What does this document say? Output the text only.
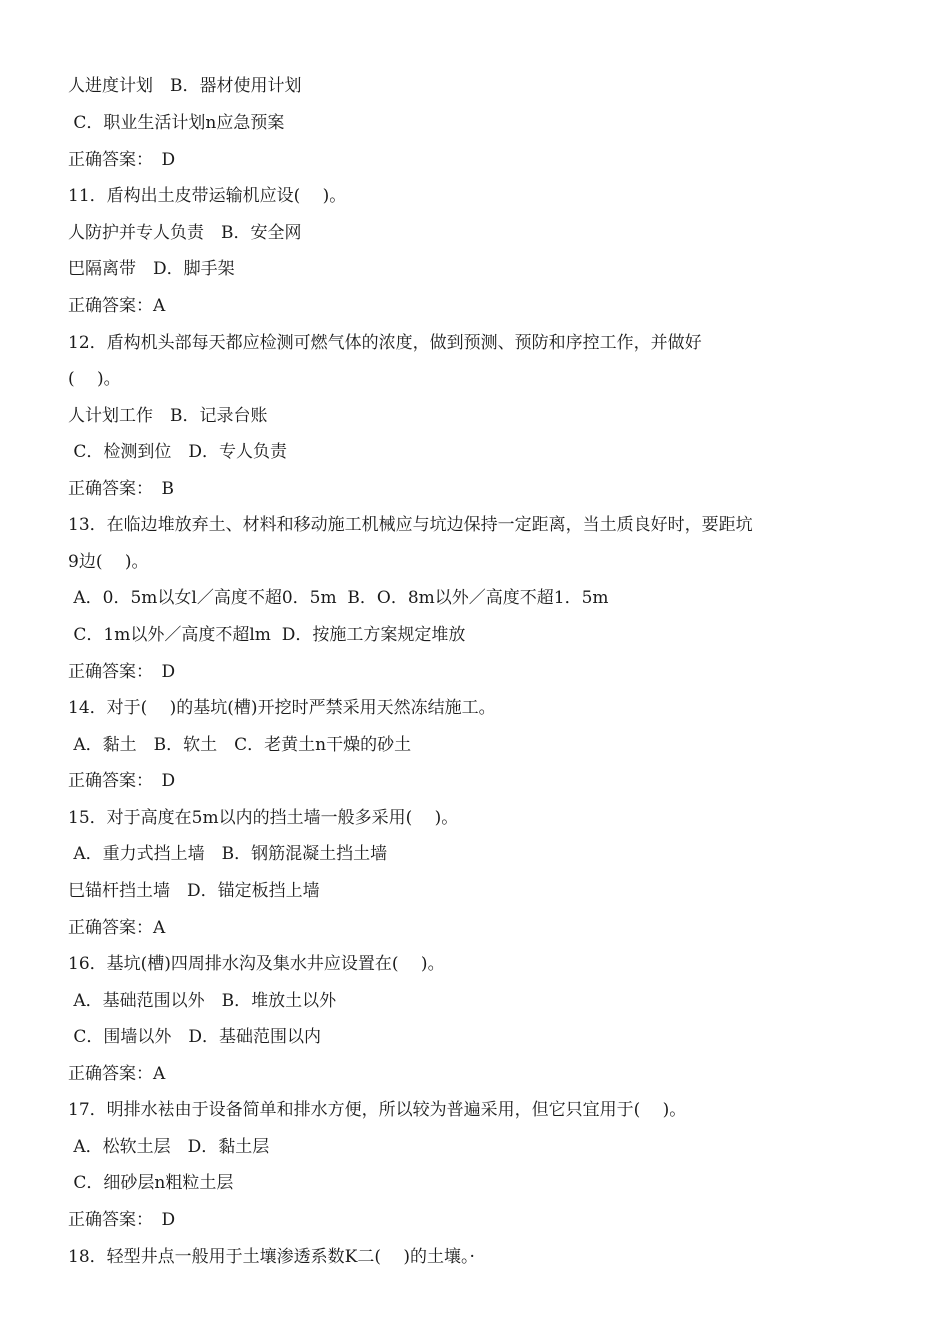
人进度计划　B．器材使用计划
C．职业生活计划n应急预案
正确答案：　D
11．盾构出土皮带运输机应设(　 )。
人防护并专人负责　B．安全网
巴隔离带　D．脚手架
正确答案：A
12．盾构机头部每天都应检测可燃气体的浓度，做到预测、预防和序控工作，并做好
(　 )。
人计划工作　B．记录台账
C．检测到位　D．专人负责
正确答案：　B
13．在临边堆放弃土、材料和移动施工机械应与坑边保持一定距离，当土质良好时，要距坑
9边(　 )。
A．0．5m以女l／高度不超0．5m  B．O．8m以外／高度不超1．5m
C．1m以外／高度不超lm  D．按施工方案规定堆放
正确答案：　D
14．对于(　 )的基坑(槽)开挖时严禁采用天然冻结施工。
A．黏土　B．软土　C．老黄土n干燥的砂土
正确答案：　D
15．对于高度在5m以内的挡土墙一般多采用(　 )。
A．重力式挡上墙　B．钢筋混凝土挡土墙
巳锚杆挡土墙　D．锚定板挡上墙
正确答案：A
16．基坑(槽)四周排水沟及集水井应设置在(　 )。
A．基础范围以外　B．堆放土以外
C．围墙以外　D．基础范围以内
正确答案：A
17．明排水袪由于设备简单和排水方便，所以较为普遍采用，但它只宜用于(　 )。
A．松软土层　D．黏土层
C．细砂层n粗粒土层
正确答案：　D
18．轻型井点一般用于土壤渗透系数K二(　 )的土壤。·
